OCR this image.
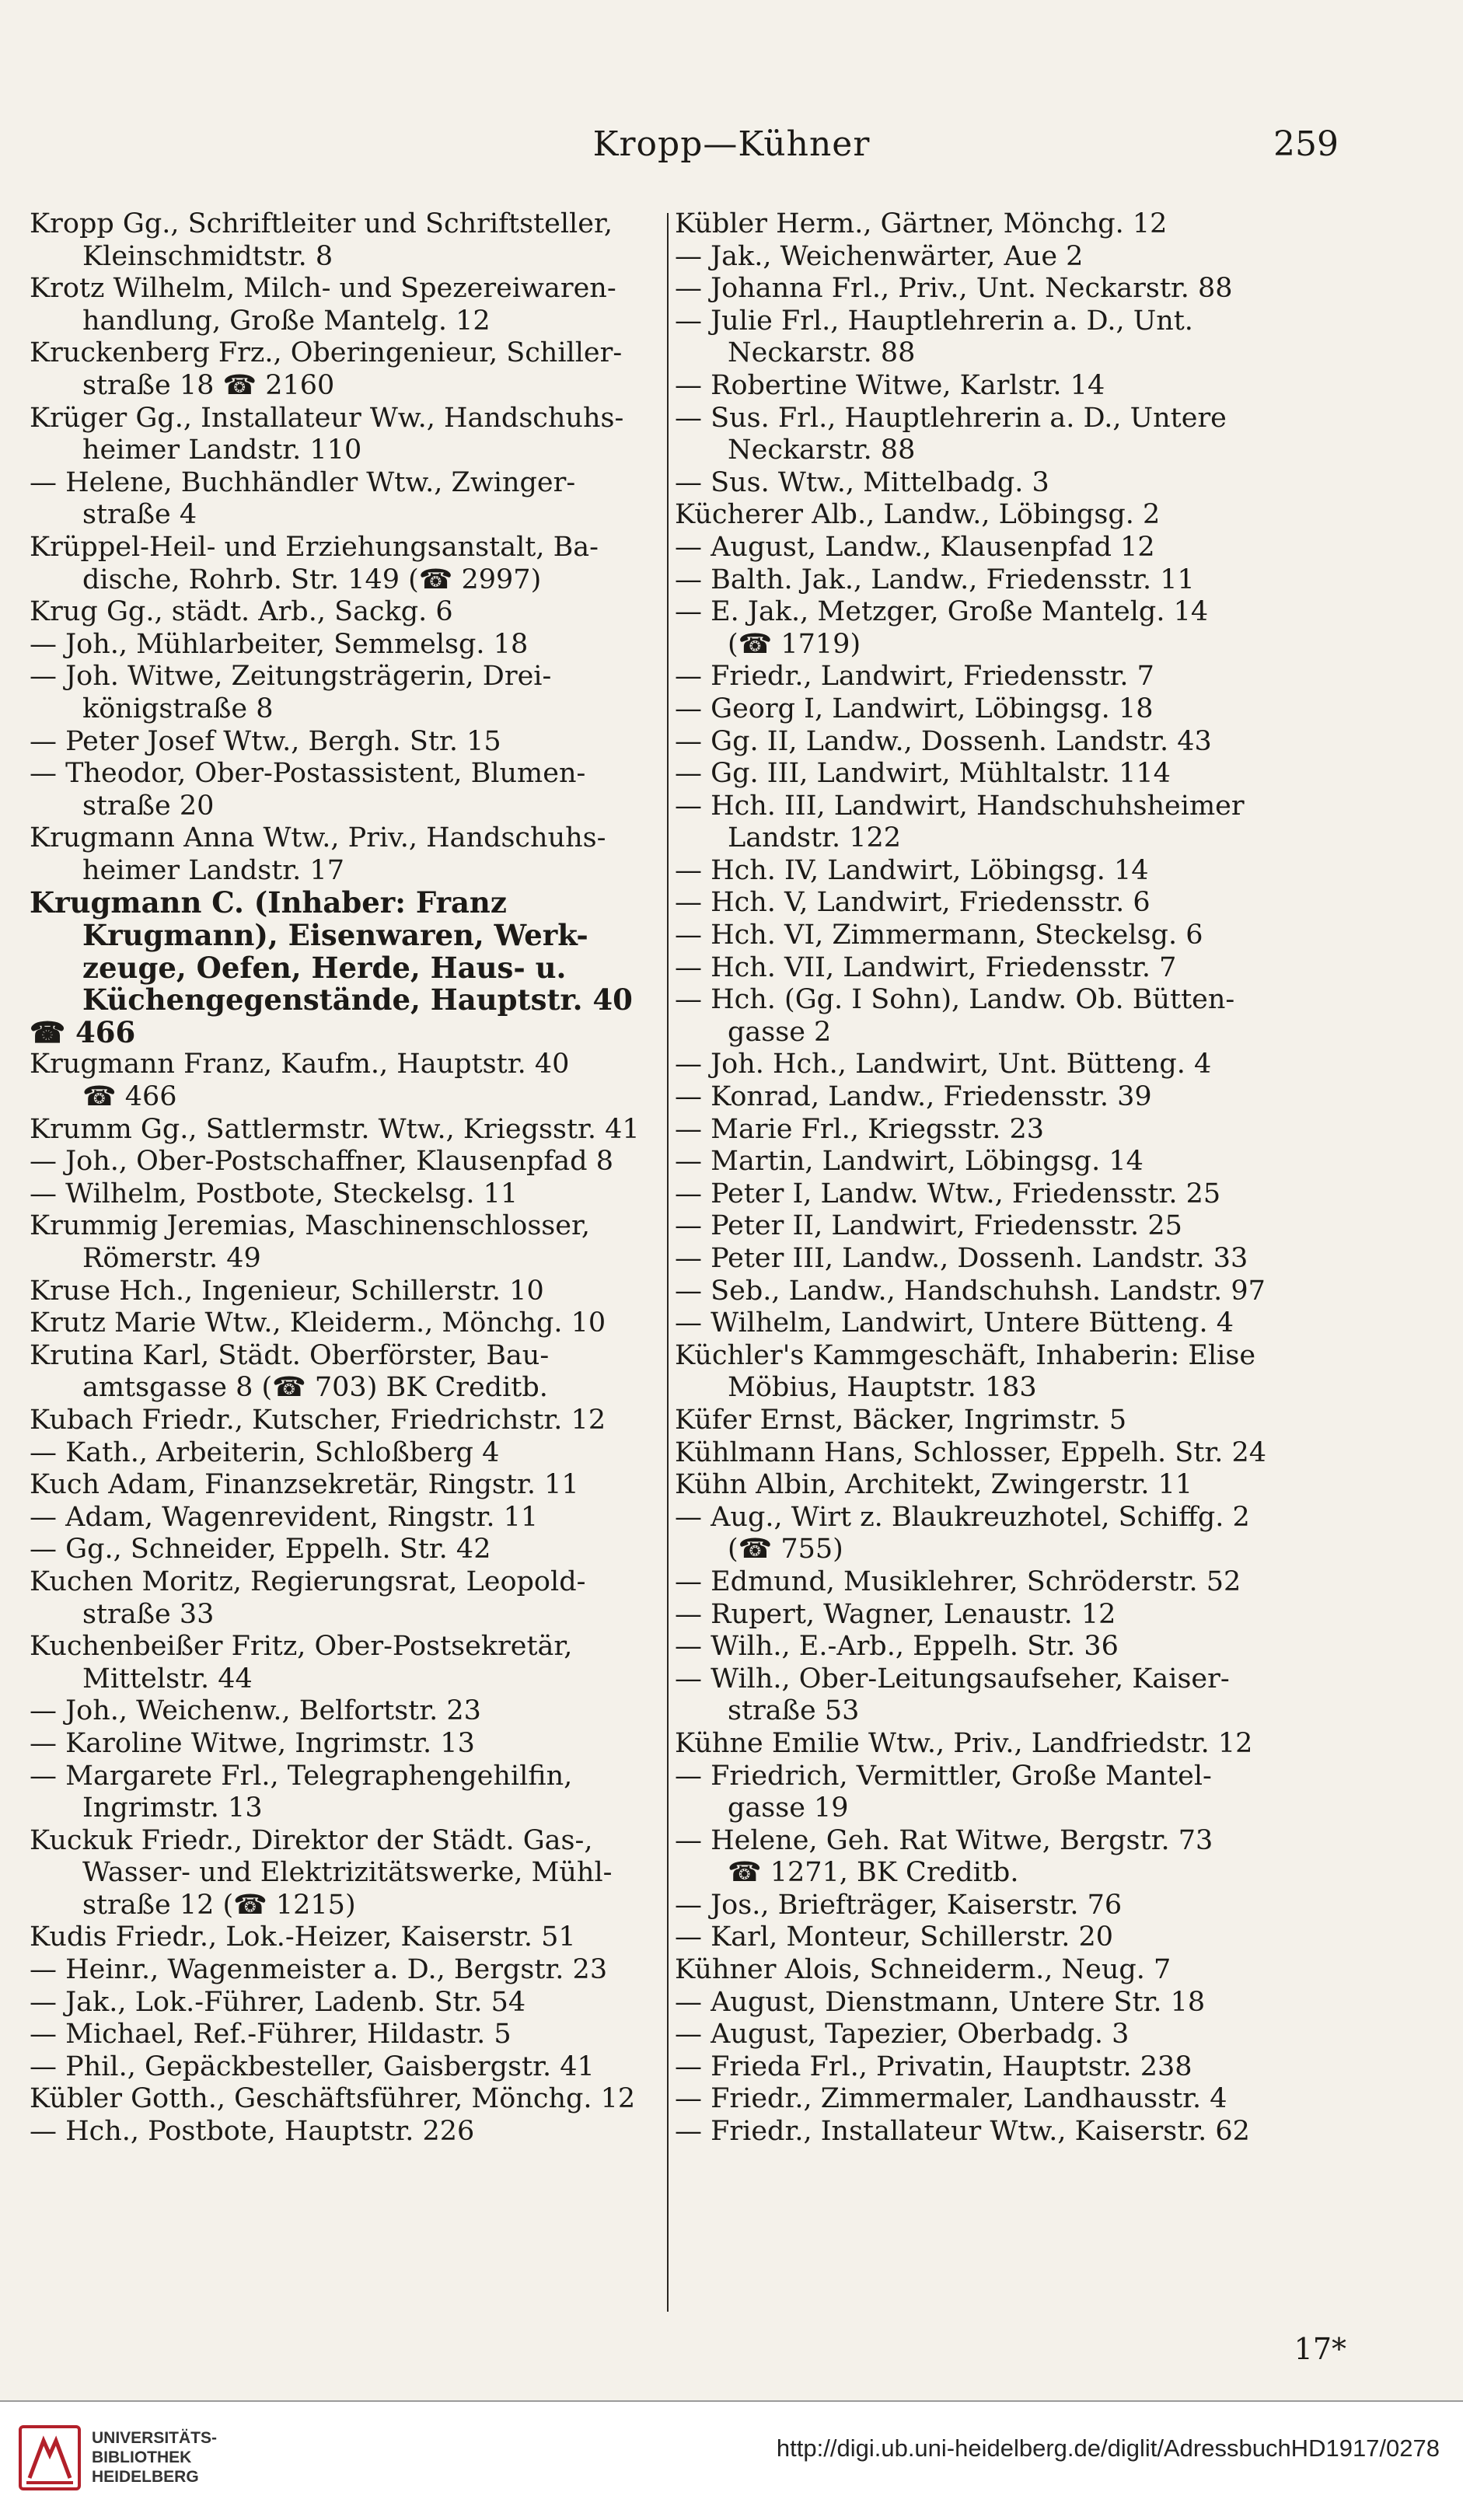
Kropp—Kühner	259
Kropp Gg., Schriftleiter und Schriftsteller,
Kleinschmidtstr. 8
Krotz Wilhelm, Milch- und Spezereiwaren-
handlung, Große Mantelg. 12
Kruckenberg Frz., Oberingenieur, Schiller-
straße 18 ☎ 2160
Krüger Gg., Installateur Ww., Handschuhs-
heimer Landstr. 110
— Helene, Buchhändler Wtw., Zwinger-
straße 4
Krüppel-Heil- und Erziehungsanstalt, Ba-
dische, Rohrb. Str. 149 (☎ 2997)
Krug Gg., städt. Arb., Sackg. 6
— Joh., Mühlarbeiter, Semmelsg. 18
— Joh. Witwe, Zeitungsträgerin, Drei-
königstraße 8
— Peter Josef Wtw., Bergh. Str. 15
— Theodor, Ober-Postassistent, Blumen-
straße 20
Krugmann Anna Wtw., Priv., Handschuhs-
heimer Landstr. 17
Krugmann C. (Inhaber: Franz
Krugmann), Eisenwaren, Werk-
zeuge, Oefen, Herde, Haus- u.
Küchengegenstände, Hauptstr. 40
☎ 466
Krugmann Franz, Kaufm., Hauptstr. 40
☎ 466
Krumm Gg., Sattlermstr. Wtw., Kriegsstr. 41
— Joh., Ober-Postschaffner, Klausenpfad 8
— Wilhelm, Postbote, Steckelsg. 11
Krummig Jeremias, Maschinenschlosser,
Römerstr. 49
Kruse Hch., Ingenieur, Schillerstr. 10
Krutz Marie Wtw., Kleiderm., Mönchg. 10
Krutina Karl, Städt. Oberförster, Bau-
amtsgasse 8 (☎ 703) BK Creditb.
Kubach Friedr., Kutscher, Friedrichstr. 12
— Kath., Arbeiterin, Schloßberg 4
Kuch Adam, Finanzsekretär, Ringstr. 11
— Adam, Wagenrevident, Ringstr. 11
— Gg., Schneider, Eppelh. Str. 42
Kuchen Moritz, Regierungsrat, Leopold-
straße 33
Kuchenbeißer Fritz, Ober-Postsekretär,
Mittelstr. 44
— Joh., Weichenw., Belfortstr. 23
— Karoline Witwe, Ingrimstr. 13
— Margarete Frl., Telegraphengehilfin,
Ingrimstr. 13
Kuckuk Friedr., Direktor der Städt. Gas-,
Wasser- und Elektrizitätswerke, Mühl-
straße 12 (☎ 1215)
Kudis Friedr., Lok.-Heizer, Kaiserstr. 51
— Heinr., Wagenmeister a. D., Bergstr. 23
— Jak., Lok.-Führer, Ladenb. Str. 54
— Michael, Ref.-Führer, Hildastr. 5
— Phil., Gepäckbesteller, Gaisbergstr. 41
Kübler Gotth., Geschäftsführer, Mönchg. 12
— Hch., Postbote, Hauptstr. 226
Kübler Herm., Gärtner, Mönchg. 12
— Jak., Weichenwärter, Aue 2
— Johanna Frl., Priv., Unt. Neckarstr. 88
— Julie Frl., Hauptlehrerin a. D., Unt.
Neckarstr. 88
— Robertine Witwe, Karlstr. 14
— Sus. Frl., Hauptlehrerin a. D., Untere
Neckarstr. 88
— Sus. Wtw., Mittelbadg. 3
Kücherer Alb., Landw., Löbingsg. 2
— August, Landw., Klausenpfad 12
— Balth. Jak., Landw., Friedensstr. 11
— E. Jak., Metzger, Große Mantelg. 14
(☎ 1719)
— Friedr., Landwirt, Friedensstr. 7
— Georg I, Landwirt, Löbingsg. 18
— Gg. II, Landw., Dossenh. Landstr. 43
— Gg. III, Landwirt, Mühltalstr. 114
— Hch. III, Landwirt, Handschuhsheimer
Landstr. 122
— Hch. IV, Landwirt, Löbingsg. 14
— Hch. V, Landwirt, Friedensstr. 6
— Hch. VI, Zimmermann, Steckelsg. 6
— Hch. VII, Landwirt, Friedensstr. 7
— Hch. (Gg. I Sohn), Landw. Ob. Bütten-
gasse 2
— Joh. Hch., Landwirt, Unt. Bütteng. 4
— Konrad, Landw., Friedensstr. 39
— Marie Frl., Kriegsstr. 23
— Martin, Landwirt, Löbingsg. 14
— Peter I, Landw. Wtw., Friedensstr. 25
— Peter II, Landwirt, Friedensstr. 25
— Peter III, Landw., Dossenh. Landstr. 33
— Seb., Landw., Handschuhsh. Landstr. 97
— Wilhelm, Landwirt, Untere Bütteng. 4
Küchler's Kammgeschäft, Inhaberin: Elise
Möbius, Hauptstr. 183
Küfer Ernst, Bäcker, Ingrimstr. 5
Kühlmann Hans, Schlosser, Eppelh. Str. 24
Kühn Albin, Architekt, Zwingerstr. 11
— Aug., Wirt z. Blaukreuzhotel, Schiffg. 2
(☎ 755)
— Edmund, Musiklehrer, Schröderstr. 52
— Rupert, Wagner, Lenaustr. 12
— Wilh., E.-Arb., Eppelh. Str. 36
— Wilh., Ober-Leitungsaufseher, Kaiser-
straße 53
Kühne Emilie Wtw., Priv., Landfriedstr. 12
— Friedrich, Vermittler, Große Mantel-
gasse 19
— Helene, Geh. Rat Witwe, Bergstr. 73
☎ 1271, BK Creditb.
— Jos., Briefträger, Kaiserstr. 76
— Karl, Monteur, Schillerstr. 20
Kühner Alois, Schneiderm., Neug. 7
— August, Dienstmann, Untere Str. 18
— August, Tapezier, Oberbadg. 3
— Frieda Frl., Privatin, Hauptstr. 238
— Friedr., Zimmermaler, Landhausstr. 4
— Friedr., Installateur Wtw., Kaiserstr. 62
17*
UNIVERSITÄTS-
BIBLIOTHEK
HEIDELBERG
http://digi.ub.uni-heidelberg.de/diglit/AdressbuchHD1917/0278
